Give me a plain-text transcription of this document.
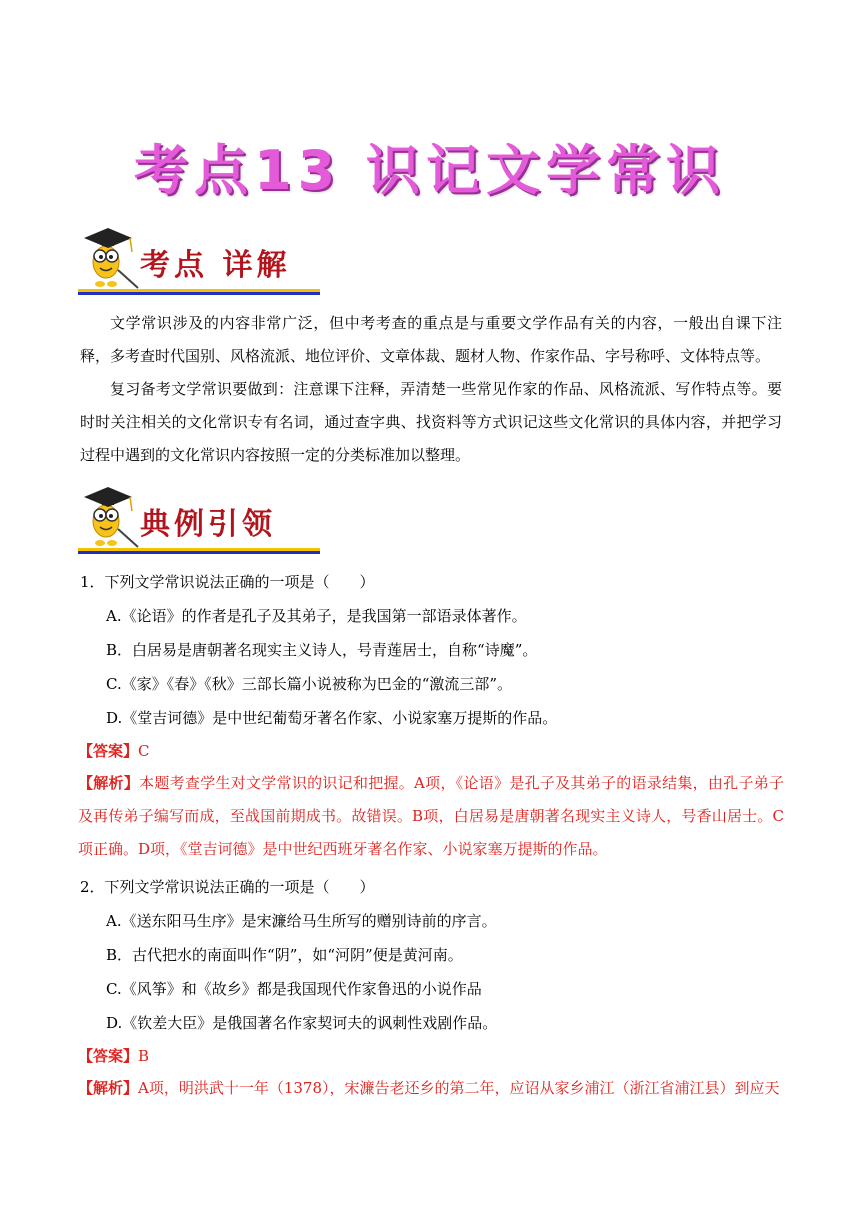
考点13 识记文学常识
考点 详解
文学常识涉及的内容非常广泛，但中考考查的重点是与重要文学作品有关的内容，一般出自课下注释，多考查时代国别、风格流派、地位评价、文章体裁、题材人物、作家作品、字号称呼、文体特点等。
复习备考文学常识要做到：注意课下注释，弄清楚一些常见作家的作品、风格流派、写作特点等。要时时关注相关的文化常识专有名词，通过查字典、找资料等方式识记这些文化常识的具体内容，并把学习过程中遇到的文化常识内容按照一定的分类标准加以整理。
典例引领
1．下列文学常识说法正确的一项是（　　）
A.《论语》的作者是孔子及其弟子，是我国第一部语录体著作。
B．白居易是唐朝著名现实主义诗人，号青莲居士，自称“诗魔”。
C.《家》《春》《秋》三部长篇小说被称为巴金的“激流三部”。
D.《堂吉诃德》是中世纪葡萄牙著名作家、小说家塞万提斯的作品。
【答案】C
【解析】本题考查学生对文学常识的识记和把握。A项，《论语》是孔子及其弟子的语录结集，由孔子弟子及再传弟子编写而成，至战国前期成书。故错误。B项，白居易是唐朝著名现实主义诗人，号香山居士。C项正确。D项，《堂吉诃德》是中世纪西班牙著名作家、小说家塞万提斯的作品。
2．下列文学常识说法正确的一项是（　　）
A.《送东阳马生序》是宋濂给马生所写的赠别诗前的序言。
B．古代把水的南面叫作“阴”，如“河阴”便是黄河南。
C.《风筝》和《故乡》都是我国现代作家鲁迅的小说作品
D.《钦差大臣》是俄国著名作家契诃夫的讽刺性戏剧作品。
【答案】B
【解析】A项，明洪武十一年（1378），宋濂告老还乡的第二年，应诏从家乡浦江（浙江省浦江县）到应天
